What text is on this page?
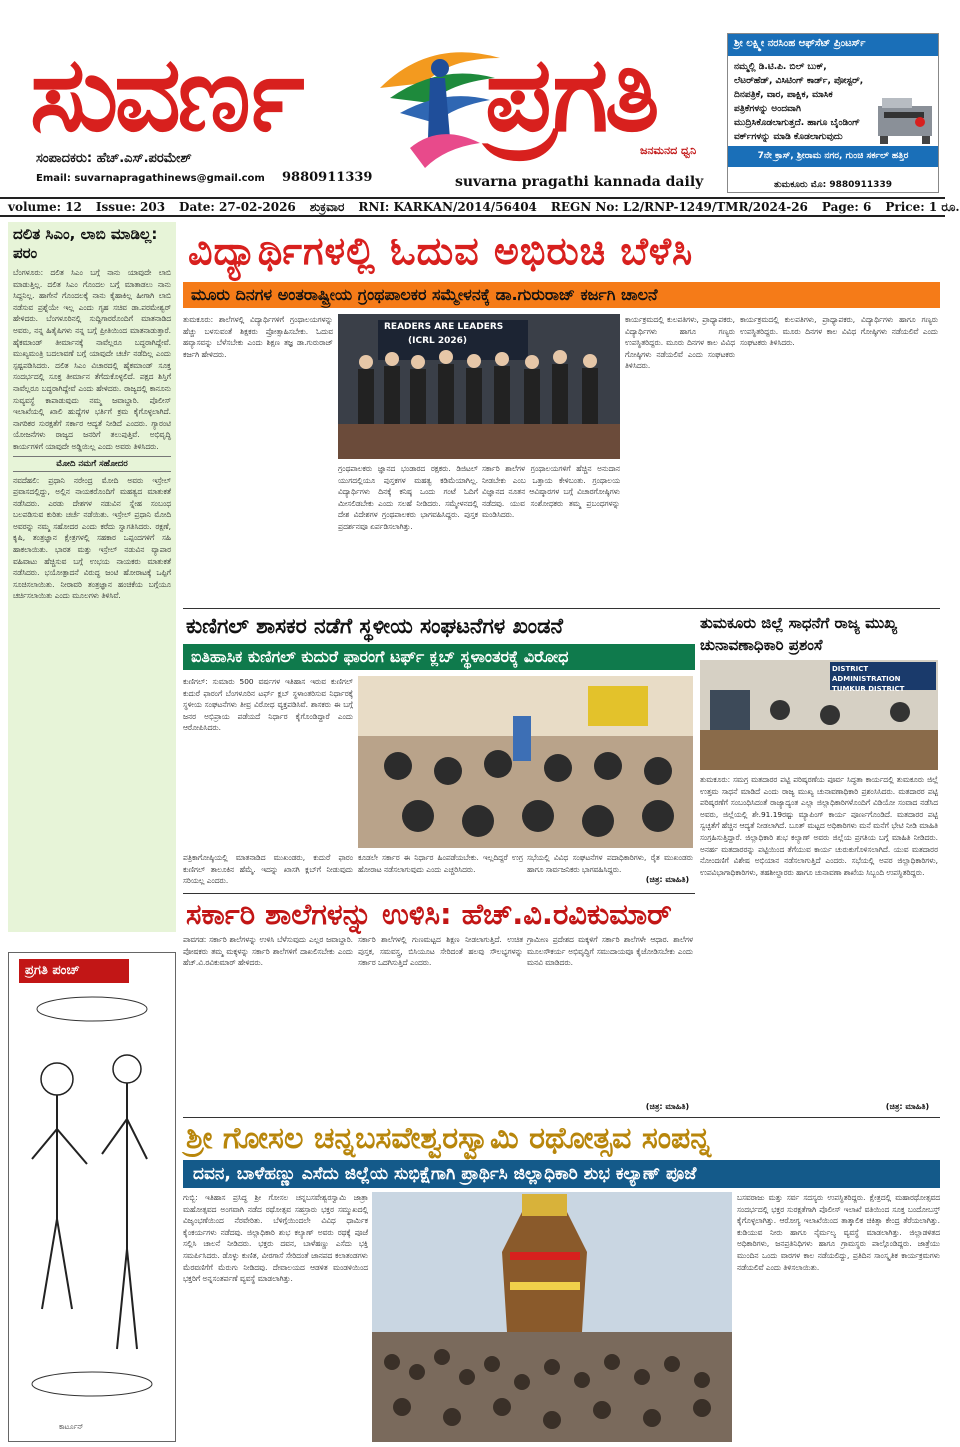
ಸುವರ್ಣ ಪ್ರಗತಿ
ಸಂಪಾದಕರು: ಹೆಚ್.ಎಸ್.ಪರಮೇಶ್
Email: suvarnapragathinews@gmail.com 9880911339
ಜನಮನದ ಧ್ವನಿ
suvarna pragathi kannada daily
ಶ್ರೀ ಲಕ್ಷ್ಮೀ ನರಸಿಂಹ ಆಫ್‌ಸೆಟ್ ಪ್ರಿಂಟರ್ಸ್
ನಮ್ಮಲ್ಲಿ ಡಿ.ಟಿ.ಪಿ. ಬಿಲ್ ಬುಕ್, ಲೆಟರ್‌ಹೆಡ್, ವಿಸಿಟಿಂಗ್ ಕಾರ್ಡ್, ಪೋಸ್ಟರ್, ದಿನಪತ್ರಿಕೆ, ವಾರ, ಪಾಕ್ಷಿಕ, ಮಾಸಿಕ ಪತ್ರಿಕೆಗಳನ್ನು ಅಂದವಾಗಿ ಮುದ್ರಿಸಿಕೊಡಲಾಗುತ್ತದೆ. ಹಾಗೂ ಬೈಂಡಿಂಗ್ ವರ್ಕ್‌ಗಳನ್ನು ಮಾಡಿ ಕೊಡಲಾಗುವುದು
7ನೇ ಕ್ರಾಸ್, ಶ್ರೀರಾಮ ನಗರ, ಗುಂಚಿ ಸರ್ಕಲ್ ಹತ್ತಿರ
ತುಮಕೂರು ಮೊ: 9880911339
volume: 12 Issue: 203 Date: 27-02-2026 ಶುಕ್ರವಾರ RNI: KARKAN/2014/56404 REGN No: L2/RNP-1249/TMR/2024-26 Page: 6 Price: 1 ರೂ.
ದಲಿತ ಸಿಎಂ, ಲಾಬಿ ಮಾಡಿಲ್ಲ: ಪರಂ
ಬೆಂಗಳೂರು: ದಲಿತ ಸಿಎಂ ಬಗ್ಗೆ ನಾನು ಯಾವುದೇ ಲಾಬಿ ಮಾಡುತ್ತಿಲ್ಲ. ದಲಿತ ಸಿಎಂ ಗೊಂದಲ ಬಗ್ಗೆ ಮಾತಾಡಲು ನಾನು ಸಿದ್ದನಿಲ್ಲ. ಹಾಗೇನೆ ಗೊಂದಲಕ್ಕೆ ನಾನು ಕೈಹಾಕಿಲ್ಲ ಹೀಗಾಗಿ ಲಾಬಿ ನಡೆಸುವ ಪ್ರಶ್ನೆಯೇ ಇಲ್ಲ ಎಂದು ಗೃಹ ಸಚಿವ ಡಾ.ಪರಮೇಶ್ವರ್ ಹೇಳಿದರು. ಬೆಂಗಳೂರಿನಲ್ಲಿ ಸುದ್ದಿಗಾರರೊಂದಿಗೆ ಮಾತನಾಡಿದ ಅವರು, ನನ್ನ ಹಿತೈಷಿಗಳು ನನ್ನ ಬಗ್ಗೆ ಪ್ರೀತಿಯಿಂದ ಮಾತನಾಡುತ್ತಾರೆ. ಹೈಕಮಾಂಡ್ ತೀರ್ಮಾನಕ್ಕೆ ನಾವೆಲ್ಲರೂ ಬದ್ಧರಾಗಿದ್ದೇವೆ. ಮುಖ್ಯಮಂತ್ರಿ ಬದಲಾವಣೆ ಬಗ್ಗೆ ಯಾವುದೇ ಚರ್ಚೆ ನಡೆದಿಲ್ಲ ಎಂದು ಸ್ಪಷ್ಟಪಡಿಸಿದರು. ದಲಿತ ಸಿಎಂ ವಿಚಾರದಲ್ಲಿ ಹೈಕಮಾಂಡ್ ಸೂಕ್ತ ಸಂದರ್ಭದಲ್ಲಿ ಸೂಕ್ತ ತೀರ್ಮಾನ ತೆಗೆದುಕೊಳ್ಳಲಿದೆ. ಪಕ್ಷದ ಶಿಸ್ತಿಗೆ ನಾವೆಲ್ಲರೂ ಬದ್ಧರಾಗಿದ್ದೇವೆ ಎಂದು ಹೇಳಿದರು. ರಾಜ್ಯದಲ್ಲಿ ಕಾನೂನು ಸುವ್ಯವಸ್ಥೆ ಕಾಪಾಡುವುದು ನಮ್ಮ ಜವಾಬ್ದಾರಿ. ಪೊಲೀಸ್ ಇಲಾಖೆಯಲ್ಲಿ ಖಾಲಿ ಹುದ್ದೆಗಳ ಭರ್ತಿಗೆ ಕ್ರಮ ಕೈಗೊಳ್ಳಲಾಗಿದೆ. ನಾಗರಿಕರ ಸುರಕ್ಷತೆಗೆ ಸರ್ಕಾರ ಆದ್ಯತೆ ನೀಡಿದೆ ಎಂದರು. ಗ್ಯಾರಂಟಿ ಯೋಜನೆಗಳು ರಾಜ್ಯದ ಜನರಿಗೆ ತಲುಪುತ್ತಿವೆ. ಅಭಿವೃದ್ಧಿ ಕಾರ್ಯಗಳಿಗೆ ಯಾವುದೇ ಅಡ್ಡಿಯಿಲ್ಲ ಎಂದು ಅವರು ತಿಳಿಸಿದರು.
ಮೋದಿ ನಮಗೆ ಸಹೋದರ
ನವದೆಹಲಿ: ಪ್ರಧಾನಿ ನರೇಂದ್ರ ಮೋದಿ ಅವರು ಇಸ್ರೇಲ್ ಪ್ರವಾಸದಲ್ಲಿದ್ದು, ಅಲ್ಲಿನ ನಾಯಕರೊಂದಿಗೆ ಮಹತ್ವದ ಮಾತುಕತೆ ನಡೆಸಿದರು. ಎರಡು ದೇಶಗಳ ನಡುವಿನ ಸ್ನೇಹ ಸಂಬಂಧ ಬಲಪಡಿಸುವ ಕುರಿತು ಚರ್ಚೆ ನಡೆಯಿತು. ಇಸ್ರೇಲ್ ಪ್ರಧಾನಿ ಮೋದಿ ಅವರನ್ನು ನಮ್ಮ ಸಹೋದರ ಎಂದು ಕರೆದು ಸ್ವಾಗತಿಸಿದರು. ರಕ್ಷಣೆ, ಕೃಷಿ, ತಂತ್ರಜ್ಞಾನ ಕ್ಷೇತ್ರಗಳಲ್ಲಿ ಸಹಕಾರ ಒಪ್ಪಂದಗಳಿಗೆ ಸಹಿ ಹಾಕಲಾಯಿತು. ಭಾರತ ಮತ್ತು ಇಸ್ರೇಲ್ ನಡುವಿನ ವ್ಯಾಪಾರ ವಹಿವಾಟು ಹೆಚ್ಚಿಸುವ ಬಗ್ಗೆ ಉಭಯ ನಾಯಕರು ಮಾತುಕತೆ ನಡೆಸಿದರು. ಭಯೋತ್ಪಾದನೆ ವಿರುದ್ಧ ಜಂಟಿ ಹೋರಾಟಕ್ಕೆ ಒಪ್ಪಿಗೆ ಸೂಚಿಸಲಾಯಿತು. ನೀರಾವರಿ ತಂತ್ರಜ್ಞಾನ ಹಂಚಿಕೆಯ ಬಗ್ಗೆಯೂ ಚರ್ಚಿಸಲಾಯಿತು ಎಂದು ಮೂಲಗಳು ತಿಳಿಸಿವೆ.
ವಿದ್ಯಾರ್ಥಿಗಳಲ್ಲಿ ಓದುವ ಅಭಿರುಚಿ ಬೆಳೆಸಿ
ಮೂರು ದಿನಗಳ ಅಂತರಾಷ್ಟ್ರೀಯ ಗ್ರಂಥಪಾಲಕರ ಸಮ್ಮೇಳನಕ್ಕೆ ಡಾ.ಗುರುರಾಜ್ ಕರ್ಜಗಿ ಚಾಲನೆ
ತುಮಕೂರು: ಶಾಲೆಗಳಲ್ಲಿ ವಿದ್ಯಾರ್ಥಿಗಳಿಗೆ ಗ್ರಂಥಾಲಯಗಳನ್ನು ಹೆಚ್ಚು ಬಳಸುವಂತೆ ಶಿಕ್ಷಕರು ಪ್ರೋತ್ಸಾಹಿಸಬೇಕು. ಓದುವ ಹವ್ಯಾಸವನ್ನು ಬೆಳೆಸಬೇಕು ಎಂದು ಶಿಕ್ಷಣ ತಜ್ಞ ಡಾ.ಗುರುರಾಜ್ ಕರ್ಜಗಿ ಹೇಳಿದರು.
READERS ARE LEADERS
(ICRL 2026)
ಗ್ರಂಥಪಾಲಕರು ಜ್ಞಾನದ ಭಂಡಾರದ ರಕ್ಷಕರು. ಡಿಜಿಟಲ್ ಯುಗದಲ್ಲಿಯೂ ಪುಸ್ತಕಗಳ ಮಹತ್ವ ಕಡಿಮೆಯಾಗಿಲ್ಲ. ವಿದ್ಯಾರ್ಥಿಗಳು ದಿನಕ್ಕೆ ಕನಿಷ್ಠ ಒಂದು ಗಂಟೆ ಓದಿಗೆ ಮೀಸಲಿಡಬೇಕು ಎಂದು ಸಲಹೆ ನೀಡಿದರು. ಸಮ್ಮೇಳನದಲ್ಲಿ ದೇಶ ವಿದೇಶಗಳ ಗ್ರಂಥಪಾಲಕರು ಭಾಗವಹಿಸಿದ್ದರು. ಪುಸ್ತಕ ಪ್ರದರ್ಶನವೂ ಏರ್ಪಡಿಸಲಾಗಿತ್ತು.
ಸರ್ಕಾರಿ ಶಾಲೆಗಳ ಗ್ರಂಥಾಲಯಗಳಿಗೆ ಹೆಚ್ಚಿನ ಅನುದಾನ ನೀಡಬೇಕು ಎಂಬ ಒತ್ತಾಯ ಕೇಳಿಬಂತು. ಗ್ರಂಥಾಲಯ ವಿಜ್ಞಾನದ ನೂತನ ಆವಿಷ್ಕಾರಗಳ ಬಗ್ಗೆ ವಿಚಾರಗೋಷ್ಠಿಗಳು ನಡೆದವು. ಯುವ ಸಂಶೋಧಕರು ತಮ್ಮ ಪ್ರಬಂಧಗಳನ್ನು ಮಂಡಿಸಿದರು.
ಕಾರ್ಯಕ್ರಮದಲ್ಲಿ ಕುಲಪತಿಗಳು, ಪ್ರಾಧ್ಯಾಪಕರು, ವಿದ್ಯಾರ್ಥಿಗಳು ಹಾಗೂ ಗಣ್ಯರು ಉಪಸ್ಥಿತರಿದ್ದರು. ಮೂರು ದಿನಗಳ ಕಾಲ ವಿವಿಧ ಗೋಷ್ಠಿಗಳು ನಡೆಯಲಿವೆ ಎಂದು ಸಂಘಟಕರು ತಿಳಿಸಿದರು.
ಕಾರ್ಯಕ್ರಮದಲ್ಲಿ ಕುಲಪತಿಗಳು, ಪ್ರಾಧ್ಯಾಪಕರು, ವಿದ್ಯಾರ್ಥಿಗಳು ಹಾಗೂ ಗಣ್ಯರು ಉಪಸ್ಥಿತರಿದ್ದರು. ಮೂರು ದಿನಗಳ ಕಾಲ ವಿವಿಧ ಗೋಷ್ಠಿಗಳು ನಡೆಯಲಿವೆ ಎಂದು ಸಂಘಟಕರು ತಿಳಿಸಿದರು.
ಕುಣಿಗಲ್ ಶಾಸಕರ ನಡೆಗೆ ಸ್ಥಳೀಯ ಸಂಘಟನೆಗಳ ಖಂಡನೆ
ಐತಿಹಾಸಿಕ ಕುಣಿಗಲ್ ಕುದುರೆ ಫಾರಂಗೆ ಟರ್ಫ್ ಕ್ಲಬ್ ಸ್ಥಳಾಂತರಕ್ಕೆ ವಿರೋಧ
ಕುಣಿಗಲ್: ಸುಮಾರು 500 ವರ್ಷಗಳ ಇತಿಹಾಸ ಇರುವ ಕುಣಿಗಲ್ ಕುದುರೆ ಫಾರಂಗೆ ಬೆಂಗಳೂರಿನ ಟರ್ಫ್ ಕ್ಲಬ್ ಸ್ಥಳಾಂತರಿಸುವ ನಿರ್ಧಾರಕ್ಕೆ ಸ್ಥಳೀಯ ಸಂಘಟನೆಗಳು ತೀವ್ರ ವಿರೋಧ ವ್ಯಕ್ತಪಡಿಸಿವೆ. ಶಾಸಕರು ಈ ಬಗ್ಗೆ ಜನರ ಅಭಿಪ್ರಾಯ ಪಡೆಯದೆ ನಿರ್ಧಾರ ಕೈಗೊಂಡಿದ್ದಾರೆ ಎಂದು ಆರೋಪಿಸಿದರು.
ಪತ್ರಿಕಾಗೋಷ್ಠಿಯಲ್ಲಿ ಮಾತನಾಡಿದ ಮುಖಂಡರು, ಕುದುರೆ ಫಾರಂ ಕುಣಿಗಲ್ ತಾಲೂಕಿನ ಹೆಮ್ಮೆ. ಇದನ್ನು ಖಾಸಗಿ ಕ್ಲಬ್‌ಗೆ ನೀಡುವುದು ಸರಿಯಲ್ಲ ಎಂದರು.
ಕೂಡಲೇ ಸರ್ಕಾರ ಈ ನಿರ್ಧಾರ ಹಿಂಪಡೆಯಬೇಕು. ಇಲ್ಲದಿದ್ದರೆ ಉಗ್ರ ಹೋರಾಟ ನಡೆಸಲಾಗುವುದು ಎಂದು ಎಚ್ಚರಿಸಿದರು.
ಸಭೆಯಲ್ಲಿ ವಿವಿಧ ಸಂಘಟನೆಗಳ ಪದಾಧಿಕಾರಿಗಳು, ರೈತ ಮುಖಂಡರು ಹಾಗೂ ಸಾರ್ವಜನಿಕರು ಭಾಗವಹಿಸಿದ್ದರು.
(ಚಿತ್ರ: ಮಾಹಿತಿ)
ತುಮಕೂರು ಜಿಲ್ಲೆ ಸಾಧನೆಗೆ ರಾಜ್ಯ ಮುಖ್ಯ ಚುನಾವಣಾಧಿಕಾರಿ ಪ್ರಶಂಸೆ
DISTRICT ADMINISTRATION TUMKUR DISTRICT
ತುಮಕೂರು: ಸಮಗ್ರ ಮತದಾರರ ಪಟ್ಟಿ ಪರಿಷ್ಕರಣೆಯ ಪೂರ್ವ ಸಿದ್ಧತಾ ಕಾರ್ಯದಲ್ಲಿ ತುಮಕೂರು ಜಿಲ್ಲೆ ಉತ್ತಮ ಸಾಧನೆ ಮಾಡಿದೆ ಎಂದು ರಾಜ್ಯ ಮುಖ್ಯ ಚುನಾವಣಾಧಿಕಾರಿ ಪ್ರಶಂಸಿಸಿದರು. ಮತದಾರರ ಪಟ್ಟಿ ಪರಿಷ್ಕರಣೆಗೆ ಸಂಬಂಧಿಸಿದಂತೆ ರಾಜ್ಯಾದ್ಯಂತ ಎಲ್ಲಾ ಜಿಲ್ಲಾಧಿಕಾರಿಗಳೊಂದಿಗೆ ವಿಡಿಯೋ ಸಂವಾದ ನಡೆಸಿದ ಅವರು, ಜಿಲ್ಲೆಯಲ್ಲಿ ಶೇ.91.19ರಷ್ಟು ಮ್ಯಾಪಿಂಗ್ ಕಾರ್ಯ ಪೂರ್ಣಗೊಂಡಿದೆ. ಮತದಾರರ ಪಟ್ಟಿ ಸ್ವಚ್ಛತೆಗೆ ಹೆಚ್ಚಿನ ಆದ್ಯತೆ ನೀಡಲಾಗಿದೆ. ಬೂತ್ ಮಟ್ಟದ ಅಧಿಕಾರಿಗಳು ಮನೆ ಮನೆಗೆ ಭೇಟಿ ನೀಡಿ ಮಾಹಿತಿ ಸಂಗ್ರಹಿಸುತ್ತಿದ್ದಾರೆ. ಜಿಲ್ಲಾಧಿಕಾರಿ ಶುಭ ಕಲ್ಯಾಣ್ ಅವರು ಜಿಲ್ಲೆಯ ಪ್ರಗತಿಯ ಬಗ್ಗೆ ಮಾಹಿತಿ ನೀಡಿದರು. ಅನರ್ಹ ಮತದಾರರನ್ನು ಪಟ್ಟಿಯಿಂದ ತೆಗೆಯುವ ಕಾರ್ಯ ಚುರುಕುಗೊಳಿಸಲಾಗಿದೆ. ಯುವ ಮತದಾರರ ನೋಂದಣಿಗೆ ವಿಶೇಷ ಅಭಿಯಾನ ನಡೆಸಲಾಗುತ್ತಿದೆ ಎಂದರು. ಸಭೆಯಲ್ಲಿ ಅಪರ ಜಿಲ್ಲಾಧಿಕಾರಿಗಳು, ಉಪವಿಭಾಗಾಧಿಕಾರಿಗಳು, ತಹಶೀಲ್ದಾರರು ಹಾಗೂ ಚುನಾವಣಾ ಶಾಖೆಯ ಸಿಬ್ಬಂದಿ ಉಪಸ್ಥಿತರಿದ್ದರು.
ಸರ್ಕಾರಿ ಶಾಲೆಗಳನ್ನು ಉಳಿಸಿ: ಹೆಚ್.ವಿ.ರವಿಕುಮಾರ್
ಪಾವಗಡ: ಸರ್ಕಾರಿ ಶಾಲೆಗಳನ್ನು ಉಳಿಸಿ ಬೆಳೆಸುವುದು ಎಲ್ಲರ ಜವಾಬ್ದಾರಿ. ಪೋಷಕರು ತಮ್ಮ ಮಕ್ಕಳನ್ನು ಸರ್ಕಾರಿ ಶಾಲೆಗಳಿಗೆ ದಾಖಲಿಸಬೇಕು ಎಂದು ಹೆಚ್.ವಿ.ರವಿಕುಮಾರ್ ಹೇಳಿದರು.
ಸರ್ಕಾರಿ ಶಾಲೆಗಳಲ್ಲಿ ಗುಣಮಟ್ಟದ ಶಿಕ್ಷಣ ನೀಡಲಾಗುತ್ತಿದೆ. ಉಚಿತ ಪುಸ್ತಕ, ಸಮವಸ್ತ್ರ, ಬಿಸಿಯೂಟ ಸೇರಿದಂತೆ ಹಲವು ಸೌಲಭ್ಯಗಳನ್ನು ಸರ್ಕಾರ ಒದಗಿಸುತ್ತಿದೆ ಎಂದರು.
ಗ್ರಾಮೀಣ ಪ್ರದೇಶದ ಮಕ್ಕಳಿಗೆ ಸರ್ಕಾರಿ ಶಾಲೆಗಳೇ ಆಧಾರ. ಶಾಲೆಗಳ ಮೂಲಸೌಕರ್ಯ ಅಭಿವೃದ್ಧಿಗೆ ಸಮುದಾಯವೂ ಕೈಜೋಡಿಸಬೇಕು ಎಂದು ಮನವಿ ಮಾಡಿದರು.
(ಚಿತ್ರ: ಮಾಹಿತಿ)	(ಚಿತ್ರ: ಮಾಹಿತಿ)
ಶ್ರೀ ಗೋಸಲ ಚನ್ನಬಸವೇಶ್ವರಸ್ವಾಮಿ ರಥೋತ್ಸವ ಸಂಪನ್ನ
ದವನ, ಬಾಳೆಹಣ್ಣು ಎಸೆದು ಜಿಲ್ಲೆಯ ಸುಭಿಕ್ಷೆಗಾಗಿ ಪ್ರಾರ್ಥಿಸಿ ಜಿಲ್ಲಾಧಿಕಾರಿ ಶುಭ ಕಲ್ಯಾಣ್ ಪೂಜೆ
ಗುಬ್ಬಿ: ಇತಿಹಾಸ ಪ್ರಸಿದ್ಧ ಶ್ರೀ ಗೋಸಲ ಚನ್ನಬಸವೇಶ್ವರಸ್ವಾಮಿ ಜಾತ್ರಾ ಮಹೋತ್ಸವದ ಅಂಗವಾಗಿ ನಡೆದ ರಥೋತ್ಸವ ಸಹಸ್ರಾರು ಭಕ್ತರ ಸಮ್ಮುಖದಲ್ಲಿ ವಿಜೃಂಭಣೆಯಿಂದ ನೆರವೇರಿತು. ಬೆಳಿಗ್ಗೆಯಿಂದಲೇ ವಿವಿಧ ಧಾರ್ಮಿಕ ಕೈಂಕರ್ಯಗಳು ನಡೆದವು. ಜಿಲ್ಲಾಧಿಕಾರಿ ಶುಭ ಕಲ್ಯಾಣ್ ಅವರು ರಥಕ್ಕೆ ಪೂಜೆ ಸಲ್ಲಿಸಿ ಚಾಲನೆ ನೀಡಿದರು. ಭಕ್ತರು ದವನ, ಬಾಳೆಹಣ್ಣು ಎಸೆದು ಭಕ್ತಿ ಸಮರ್ಪಿಸಿದರು. ಡೊಳ್ಳು ಕುಣಿತ, ವೀರಗಾಸೆ ಸೇರಿದಂತೆ ಜಾನಪದ ಕಲಾತಂಡಗಳು ಮೆರವಣಿಗೆಗೆ ಮೆರುಗು ನೀಡಿದವು. ದೇವಾಲಯದ ಆಡಳಿತ ಮಂಡಳಿಯಿಂದ ಭಕ್ತರಿಗೆ ಅನ್ನಸಂತರ್ಪಣೆ ವ್ಯವಸ್ಥೆ ಮಾಡಲಾಗಿತ್ತು.
ಬಸವರಾಜು ಮತ್ತು ಸರ್ವ ಸದಸ್ಯರು ಉಪಸ್ಥಿತರಿದ್ದರು. ಕ್ಷೇತ್ರದಲ್ಲಿ ಮಹಾರಥೋತ್ಸವದ ಸಂದರ್ಭದಲ್ಲಿ ಭಕ್ತರ ಸುರಕ್ಷತೆಗಾಗಿ ಪೊಲೀಸ್ ಇಲಾಖೆ ವತಿಯಿಂದ ಸೂಕ್ತ ಬಂದೋಬಸ್ತ್ ಕೈಗೊಳ್ಳಲಾಗಿತ್ತು. ಆರೋಗ್ಯ ಇಲಾಖೆಯಿಂದ ತಾತ್ಕಾಲಿಕ ಚಿಕಿತ್ಸಾ ಕೇಂದ್ರ ತೆರೆಯಲಾಗಿತ್ತು. ಕುಡಿಯುವ ನೀರು ಹಾಗೂ ನೈರ್ಮಲ್ಯ ವ್ಯವಸ್ಥೆ ಮಾಡಲಾಗಿತ್ತು. ಜಿಲ್ಲಾಡಳಿತದ ಅಧಿಕಾರಿಗಳು, ಜನಪ್ರತಿನಿಧಿಗಳು ಹಾಗೂ ಗ್ರಾಮಸ್ಥರು ಪಾಲ್ಗೊಂಡಿದ್ದರು. ಜಾತ್ರೆಯು ಮುಂದಿನ ಒಂದು ವಾರಗಳ ಕಾಲ ನಡೆಯಲಿದ್ದು, ಪ್ರತಿದಿನ ಸಾಂಸ್ಕೃತಿಕ ಕಾರ್ಯಕ್ರಮಗಳು ನಡೆಯಲಿವೆ ಎಂದು ತಿಳಿಸಲಾಯಿತು.
ಪ್ರಗತಿ ಪಂಚ್
ಕಾರ್ಟೂನ್
